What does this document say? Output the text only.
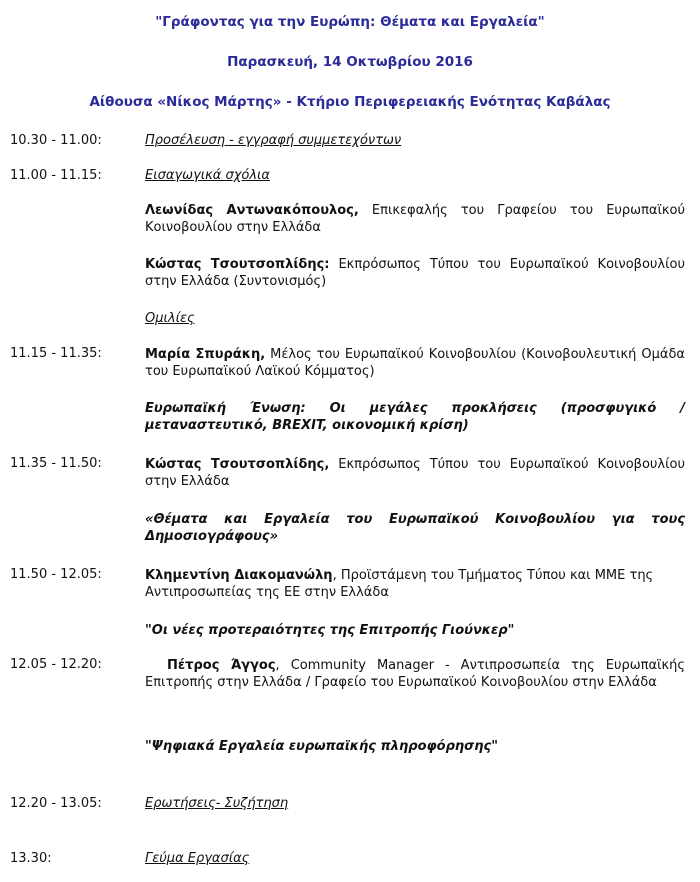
"Γράφοντας για την Ευρώπη: Θέματα και Εργαλεία"
Παρασκευή, 14 Οκτωβρίου 2016
Αίθουσα «Νίκος Μάρτης» - Κτήριο Περιφερειακής Ενότητας Καβάλας
10.30 - 11.00:	Προσέλευση - εγγραφή συμμετεχόντων
11.00 - 11.15:	Εισαγωγικά σχόλια
Λεωνίδας Αντωνακόπουλος, Επικεφαλής του Γραφείου του Ευρωπαϊκού Κοινοβουλίου στην Ελλάδα
Κώστας Τσουτσοπλίδης: Εκπρόσωπος Τύπου του Ευρωπαϊκού Κοινοβουλίου στην Ελλάδα (Συντονισμός)
Ομιλίες
11.15 - 11.35:	Μαρία Σπυράκη, Μέλος του Ευρωπαϊκού Κοινοβουλίου (Κοινοβουλευτική Ομάδα του Ευρωπαϊκού Λαϊκού Κόμματος)
Ευρωπαϊκή Ένωση: Οι μεγάλες προκλήσεις (προσφυγικό /μεταναστευτικό, BREXIT, οικονομική κρίση)
11.35 - 11.50:	Κώστας Τσουτσοπλίδης, Εκπρόσωπος Τύπου του Ευρωπαϊκού Κοινοβουλίου στην Ελλάδα
«Θέματα και Εργαλεία του Ευρωπαϊκού Κοινοβουλίου για τους Δημοσιογράφους»
11.50 - 12.05:	Κλημεντίνη Διακομανώλη, Προϊστάμενη του Τμήματος Τύπου και ΜΜΕ της Αντιπροσωπείας της ΕΕ στην Ελλάδα
"Οι νέες προτεραιότητες της Επιτροπής Γιούνκερ"
12.05 - 12.20:	Πέτρος Άγγος, Community Manager - Αντιπροσωπεία της Ευρωπαϊκής Επιτροπής στην Ελλάδα / Γραφείο του Ευρωπαϊκού Κοινοβουλίου στην Ελλάδα
"Ψηφιακά Εργαλεία ευρωπαϊκής πληροφόρησης"
12.20 - 13.05:	Ερωτήσεις- Συζήτηση
13.30:	Γεύμα Εργασίας
